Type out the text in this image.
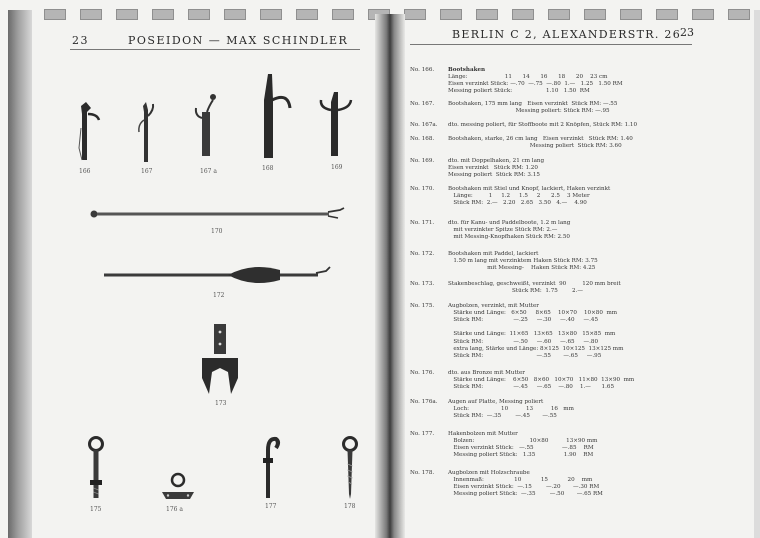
23	POSEIDON — MAX SCHINDLER
166	167	167 a	168	169
170
172
173
175	176 a	177	178
BERLIN C 2, ALEXANDERSTR. 26
23
No. 166. Bootshaken
Länge:                     11      14      16      18      20    23 cm
Eisen verzinkt Stück: —.70  —.75  —.80  1.—   1.25   1.50 RM
Messing poliert Stück:                   1.10   1.50  RM
No. 167. Bootshaken, 175 mm lang   Eisen verzinkt  Stück RM: —.55
Messing poliert: Stück RM: —.95
No. 167a. dto. messing poliert, für Stoffboote mit 2 Knöpfen, Stück RM: 1.10
No. 168. Bootshaken, starke, 26 cm lang   Eisen verzinkt   Stück RM: 1.40
Messing poliert  Stück RM: 3.60
No. 169. dto. mit Doppelhaken, 21 cm lang
Eisen verzinkt   Stück RM: 1.20
Messing poliert  Stück RM: 3.15
No. 170. Bootshaken mit Stiel und Knopf, lackiert, Haken verzinkt
Länge:         1     1.2     1.5     2      2.5    3 Meter
Stück RM:  2.—   2.20   2.65   3.50   4.—    4.90
No. 171. dto. für Kanu- und Paddelboote, 1.2 m lang
mit verzinkter Spitze Stück RM: 2.—
mit Messing-Knopfhaken Stück RM: 2.50
No. 172. Bootshaken mit Paddel, lackiert
1.50 m lang mit verzinktem Haken Stück RM: 3.75
mit Messing-    Haken Stück RM: 4.25
No. 173. Stakenbeschlag, geschweißt, verzinkt  90         120 mm breit
Stück RM:  1.75        2.—
No. 175. Augbolzen, verzinkt, mit Mutter
Stärke und Länge:   6×50     8×65    10×70    10×80  mm
Stück RM:                 —.25     —.30     —.40     —.45
Stärke und Länge:  11×65   13×65   13×80   15×85  mm
Stück RM:                 —.50     —.60     —.65     —.80
extra lang, Stärke und Länge: 8×125  10×125  13×125 mm
Stück RM:                              —.55       —.65     —.95
No. 176. dto. aus Bronze mit Mutter
Stärke und Länge:    6×50   8×60   10×70   11×80  13×90  mm
Stück RM:                 —.45     —.65    —.80    1.—      1.65
No. 176a. Augen auf Platte, Messing poliert
Loch:                  10          13          16   mm
Stück RM:  —.35        —.45       —.55
No. 177. Hakenbolzen mit Mutter
Bolzen:                               10×80          13×90 mm
Eisen verzinkt Stück:   —.55                —.85    RM
Messing poliert Stück:   1.35                1.90    RM
No. 178. Augbolzen mit Holzschraube
Innenmaß:                 10           15           20    mm
Eisen verzinkt Stück:  —.15        —.20       —.30 RM
Messing poliert Stück:  —.35        —.50       —.65 RM
